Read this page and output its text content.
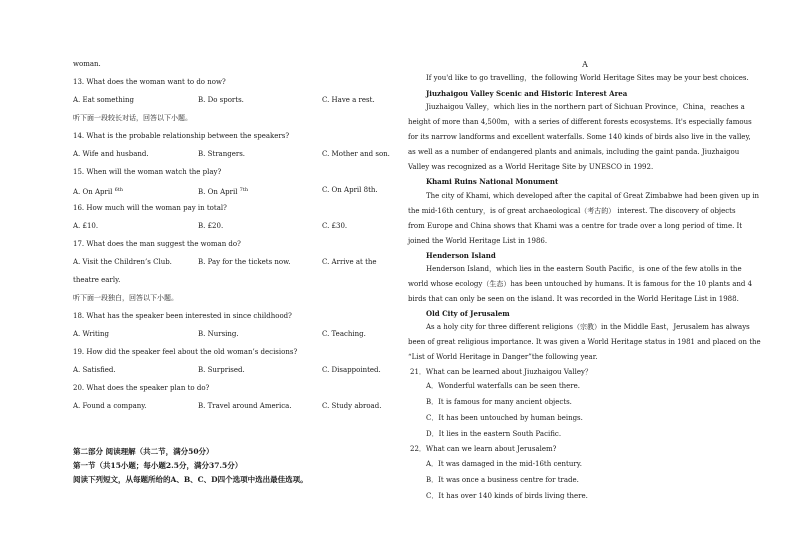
woman.
13. What does the woman want to do now?
A. Eat something	B. Do sports.	C. Have a rest.
听下面一段较长对话，回答以下小题。
14. What is the probable relationship between the speakers?
A. Wife and husband.	B. Strangers.	C. Mother and son.
15. When will the woman watch the play?
A. On April $^{6th}$	B. On April $^{7th}$	C. On April 8th.
16. How much will the woman pay in total?
A. £10.	B. £20.	C. £30.
17. What does the man suggest the woman do?
A. Visit the Children’s Club.	B. Pay for the tickets now.	C. Arrive at the
theatre early.
听下面一段独白，回答以下小题。
18. What has the speaker been interested in since childhood?
A. Writing	B. Nursing.	C. Teaching.
19. How did the speaker feel about the old woman’s decisions?
A. Satisfied.	B. Surprised.	C. Disappointed.
20. What does the speaker plan to do?
A. Found a company.	B. Travel around America.	C. Study abroad.
第二部分 阅读理解（共二节，满分50分）
第一节（共15小题；每小题2.5分，满分37.5分）
阅读下列短文，从每题所给的A、B、C、D四个选项中选出最佳选项。
A
If you'd like to go travelling，the following World Heritage Sites may be your best choices.
Jiuzhaigou Valley Scenic and Historic Interest Area
Jiuzhaigou Valley，which lies in the northern part of Sichuan Province，China，reaches a
height of more than 4,500m，with a series of different forests ecosystems. It's especially famous
for its narrow landforms and excellent waterfalls. Some 140 kinds of birds also live in the valley,
as well as a number of endangered plants and animals, including the gaint panda. Jiuzhaigou
Valley was recognized as a World Heritage Site by UNESCO in 1992.
Khami Ruins National Monument
The city of Khami, which developed after the capital of Great Zimbabwe had been given up in
the mid-16th century，is of great archaeological（考古的） interest. The discovery of objects
from Europe and China shows that Khami was a centre for trade over a long period of time. It
joined the World Heritage List in 1986.
Henderson Island
Henderson Island，which lies in the eastern South Pacific，is one of the few atolls in the
world whose ecology（生态）has been untouched by humans. It is famous for the 10 plants and 4
birds that can only be seen on the island. It was recorded in the World Heritage List in 1988.
Old City of Jerusalem
As a holy city for three different religions（宗教）in the Middle East，Jerusalem has always
been of great religious importance. It was given a World Heritage status in 1981 and placed on the
“List of World Heritage in Danger”the following year.
21．What can be learned about Jiuzhaigou Valley？
A．Wonderful waterfalls can be seen there.
B．It is famous for many ancient objects.
C．It has been untouched by human beings.
D．It lies in the eastern South Pacific.
22．What can we learn about Jerusalem?
A．It was damaged in the mid-16th century.
B．It was once a business centre for trade.
C．It has over 140 kinds of birds living there.
